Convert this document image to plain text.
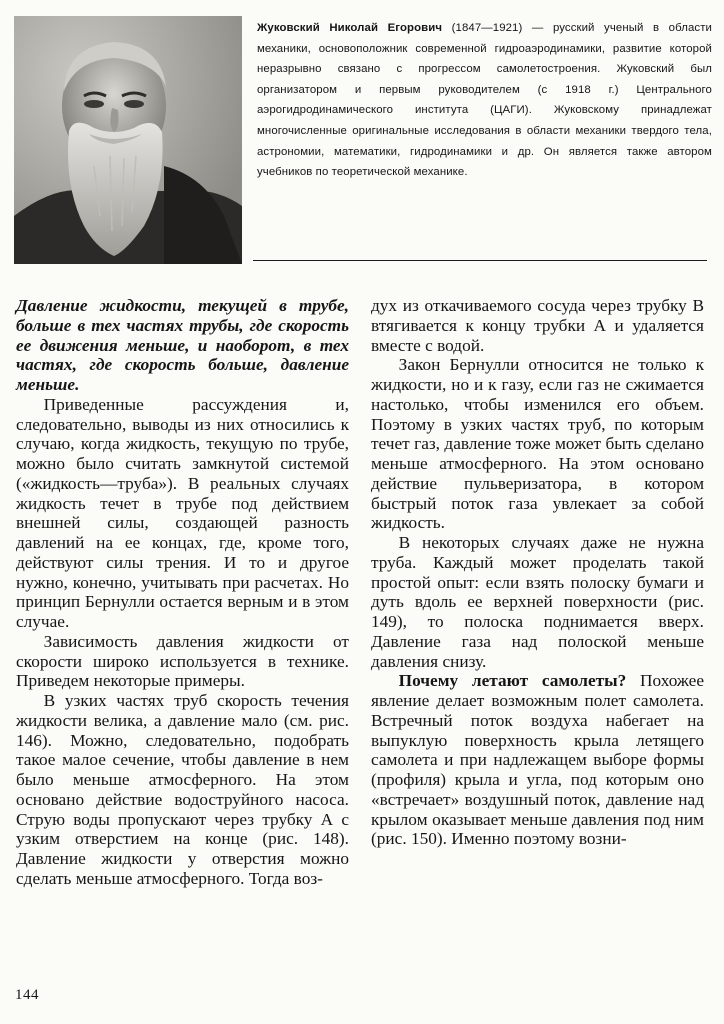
Жуковский Николай Егорович (1847—1921) — русский ученый в области механики, основоположник современной гидроаэродинамики, развитие которой неразрывно связано с прогрессом самолетостроения. Жуковский был организатором и первым руководителем (с 1918 г.) Центрального аэрогидродинамического института (ЦАГИ). Жуковскому принадлежат многочисленные оригинальные исследования в области механики твердого тела, астрономии, математики, гидродинамики и др. Он является также автором учебников по теоретической механике.

Давление жидкости, текущей в трубе, больше в тех частях трубы, где скорость ее движения меньше, и наоборот, в тех частях, где скорость больше, давление меньше.

Приведенные рассуждения и, следовательно, выводы из них относились к случаю, когда жидкость, текущую по трубе, можно было считать замкнутой системой («жидкость—труба»). В реальных случаях жидкость течет в трубе под действием внешней силы, создающей разность давлений на ее концах, где, кроме того, действуют силы трения. И то и другое нужно, конечно, учитывать при расчетах. Но принцип Бернулли остается верным и в этом случае.

Зависимость давления жидкости от скорости широко используется в технике. Приведем некоторые примеры.

В узких частях труб скорость течения жидкости велика, а давление мало (см. рис. 146). Можно, следовательно, подобрать такое малое сечение, чтобы давление в нем было меньше атмосферного. На этом основано действие водоструйного насоса. Струю воды пропускают через трубку А с узким отверстием на конце (рис. 148). Давление жидкости у отверстия можно сделать меньше атмосферного. Тогда воз-

дух из откачиваемого сосуда через трубку В втягивается к концу трубки А и удаляется вместе с водой.

Закон Бернулли относится не только к жидкости, но и к газу, если газ не сжимается настолько, чтобы изменился его объем. Поэтому в узких частях труб, по которым течет газ, давление тоже может быть сделано меньше атмосферного. На этом основано действие пульверизатора, в котором быстрый поток газа увлекает за собой жидкость.

В некоторых случаях даже не нужна труба. Каждый может проделать такой простой опыт: если взять полоску бумаги и дуть вдоль ее верхней поверхности (рис. 149), то полоска поднимается вверх. Давление газа над полоской меньше давления снизу.

Почему летают самолеты? Похожее явление делает возможным полет самолета. Встречный поток воздуха набегает на выпуклую поверхность крыла летящего самолета и при надлежащем выборе формы (профиля) крыла и угла, под которым оно «встречает» воздушный поток, давление над крылом оказывает меньше давления под ним (рис. 150). Именно поэтому возни-

144
